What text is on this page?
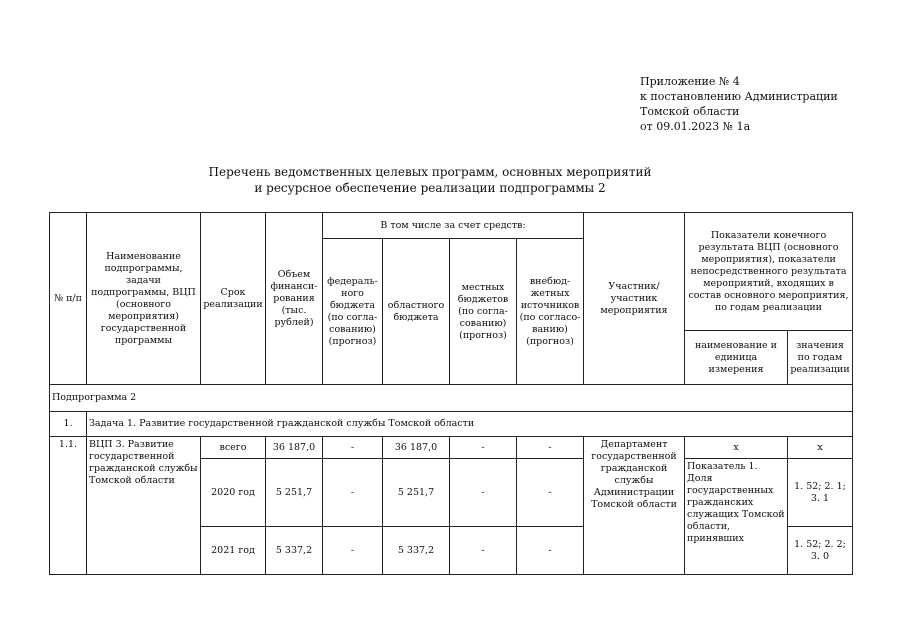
Приложение № 4
к постановлению Администрации
Томской области
от 09.01.2023 № 1а
Перечень ведомственных целевых программ, основных мероприятий
и ресурсное обеспечение реализации подпрограммы 2
№ п/п	Наименование подпрограммы, задачи подпрограммы, ВЦП (основного мероприятия) государственной программы	Срок реализации	Объем финанси-рования (тыс. рублей)	В том числе за счет средств:				Участник/ участник мероприятия	Показатели конечного результата ВЦП (основного мероприятия), показатели непосредственного результата мероприятий, входящих в состав основного мероприятия, по годам реализации	
				федераль-ного бюджета (по согла-сованию) (прогноз)	областного бюджета	местных бюджетов (по согла-сованию) (прогноз)	внебюд-жетных источников (по согласо-ванию) (прогноз)			
									наименование и единица измерения	значения по годам реализации
Подпрограмма 2										
1.	Задача 1. Развитие государственной гражданской службы Томской области									
1.1.	ВЦП 3. Развитие государственной гражданской службы Томской области	всего	36 187,0	-	36 187,0	-	-	Департамент государственной гражданской службы Администрации Томской области	х	х
		2020 год	5 251,7	-	5 251,7	-	-		Показатель 1. Доля государственных гражданских служащих Томской области, принявших	1. 52; 2. 1; 3. 1
		2021 год	5 337,2	-	5 337,2	-	-			1. 52; 2. 2; 3. 0
